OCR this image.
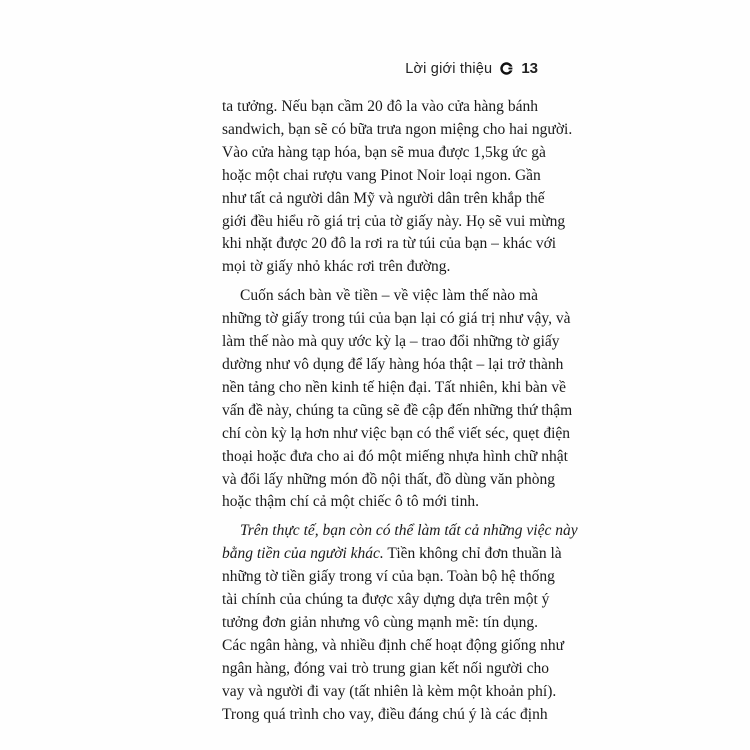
Lời giới thiệu 13

ta tưởng. Nếu bạn cầm 20 đô la vào cửa hàng bánh
sandwich, bạn sẽ có bữa trưa ngon miệng cho hai người.
Vào cửa hàng tạp hóa, bạn sẽ mua được 1,5kg ức gà
hoặc một chai rượu vang Pinot Noir loại ngon. Gần
như tất cả người dân Mỹ và người dân trên khắp thế
giới đều hiểu rõ giá trị của tờ giấy này. Họ sẽ vui mừng
khi nhặt được 20 đô la rơi ra từ túi của bạn – khác với
mọi tờ giấy nhỏ khác rơi trên đường.

Cuốn sách bàn về tiền – về việc làm thế nào mà
những tờ giấy trong túi của bạn lại có giá trị như vậy, và
làm thế nào mà quy ước kỳ lạ – trao đổi những tờ giấy
dường như vô dụng để lấy hàng hóa thật – lại trở thành
nền tảng cho nền kinh tế hiện đại. Tất nhiên, khi bàn về
vấn đề này, chúng ta cũng sẽ đề cập đến những thứ thậm
chí còn kỳ lạ hơn như việc bạn có thể viết séc, quẹt điện
thoại hoặc đưa cho ai đó một miếng nhựa hình chữ nhật
và đổi lấy những món đồ nội thất, đồ dùng văn phòng
hoặc thậm chí cả một chiếc ô tô mới tinh.

Trên thực tế, bạn còn có thể làm tất cả những việc này
bằng tiền của người khác. Tiền không chỉ đơn thuần là
những tờ tiền giấy trong ví của bạn. Toàn bộ hệ thống
tài chính của chúng ta được xây dựng dựa trên một ý
tưởng đơn giản nhưng vô cùng mạnh mẽ: tín dụng.
Các ngân hàng, và nhiều định chế hoạt động giống như
ngân hàng, đóng vai trò trung gian kết nối người cho
vay và người đi vay (tất nhiên là kèm một khoản phí).
Trong quá trình cho vay, điều đáng chú ý là các định
